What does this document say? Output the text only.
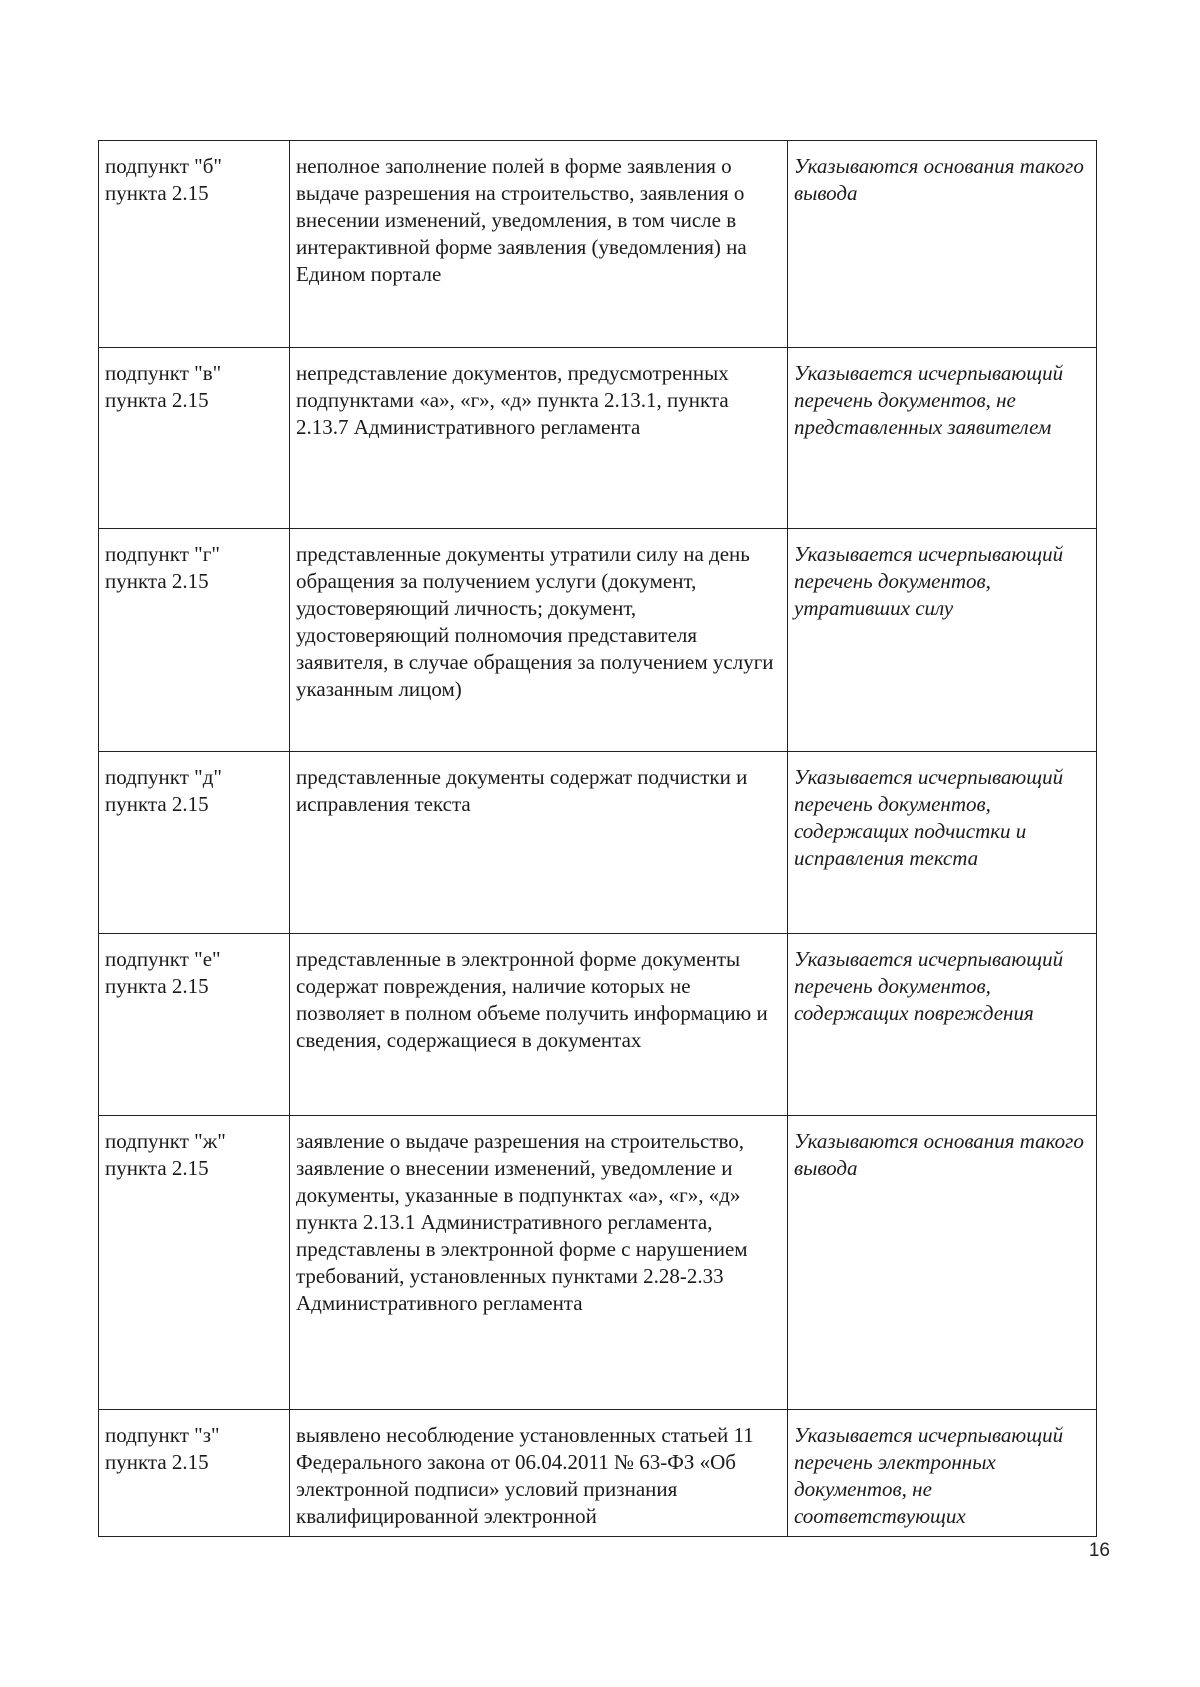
подпункт "б" пункта 2.15	неполное заполнение полей в форме заявления о выдаче разрешения на строительство, заявления о внесении изменений, уведомления, в том числе в интерактивной форме заявления (уведомления) на Едином портале	Указываются основания такого вывода
подпункт "в" пункта 2.15	непредставление документов, предусмотренных подпунктами «а», «г», «д» пункта 2.13.1, пункта 2.13.7 Административного регламента	Указывается исчерпывающий перечень документов, не представленных заявителем
подпункт "г" пункта 2.15	представленные документы утратили силу на день обращения за получением услуги (документ, удостоверяющий личность; документ, удостоверяющий полномочия представителя заявителя, в случае обращения за получением услуги указанным лицом)	Указывается исчерпывающий перечень документов, утративших силу
подпункт "д" пункта 2.15	представленные документы содержат подчистки и исправления текста	Указывается исчерпывающий перечень документов, содержащих подчистки и исправления текста
подпункт "е" пункта 2.15	представленные в электронной форме документы содержат повреждения, наличие которых не позволяет в полном объеме получить информацию и сведения, содержащиеся в документах	Указывается исчерпывающий перечень документов, содержащих повреждения
подпункт "ж" пункта 2.15	заявление о выдаче разрешения на строительство, заявление о внесении изменений, уведомление и документы, указанные в подпунктах «а», «г», «д» пункта 2.13.1 Административного регламента, представлены в электронной форме с нарушением требований, установленных пунктами 2.28-2.33 Административного регламента	Указываются основания такого вывода
подпункт "з" пункта 2.15	выявлено несоблюдение установленных статьей 11 Федерального закона от 06.04.2011 № 63-ФЗ «Об электронной подписи» условий признания квалифицированной электронной	Указывается исчерпывающий перечень электронных документов, не соответствующих
16
